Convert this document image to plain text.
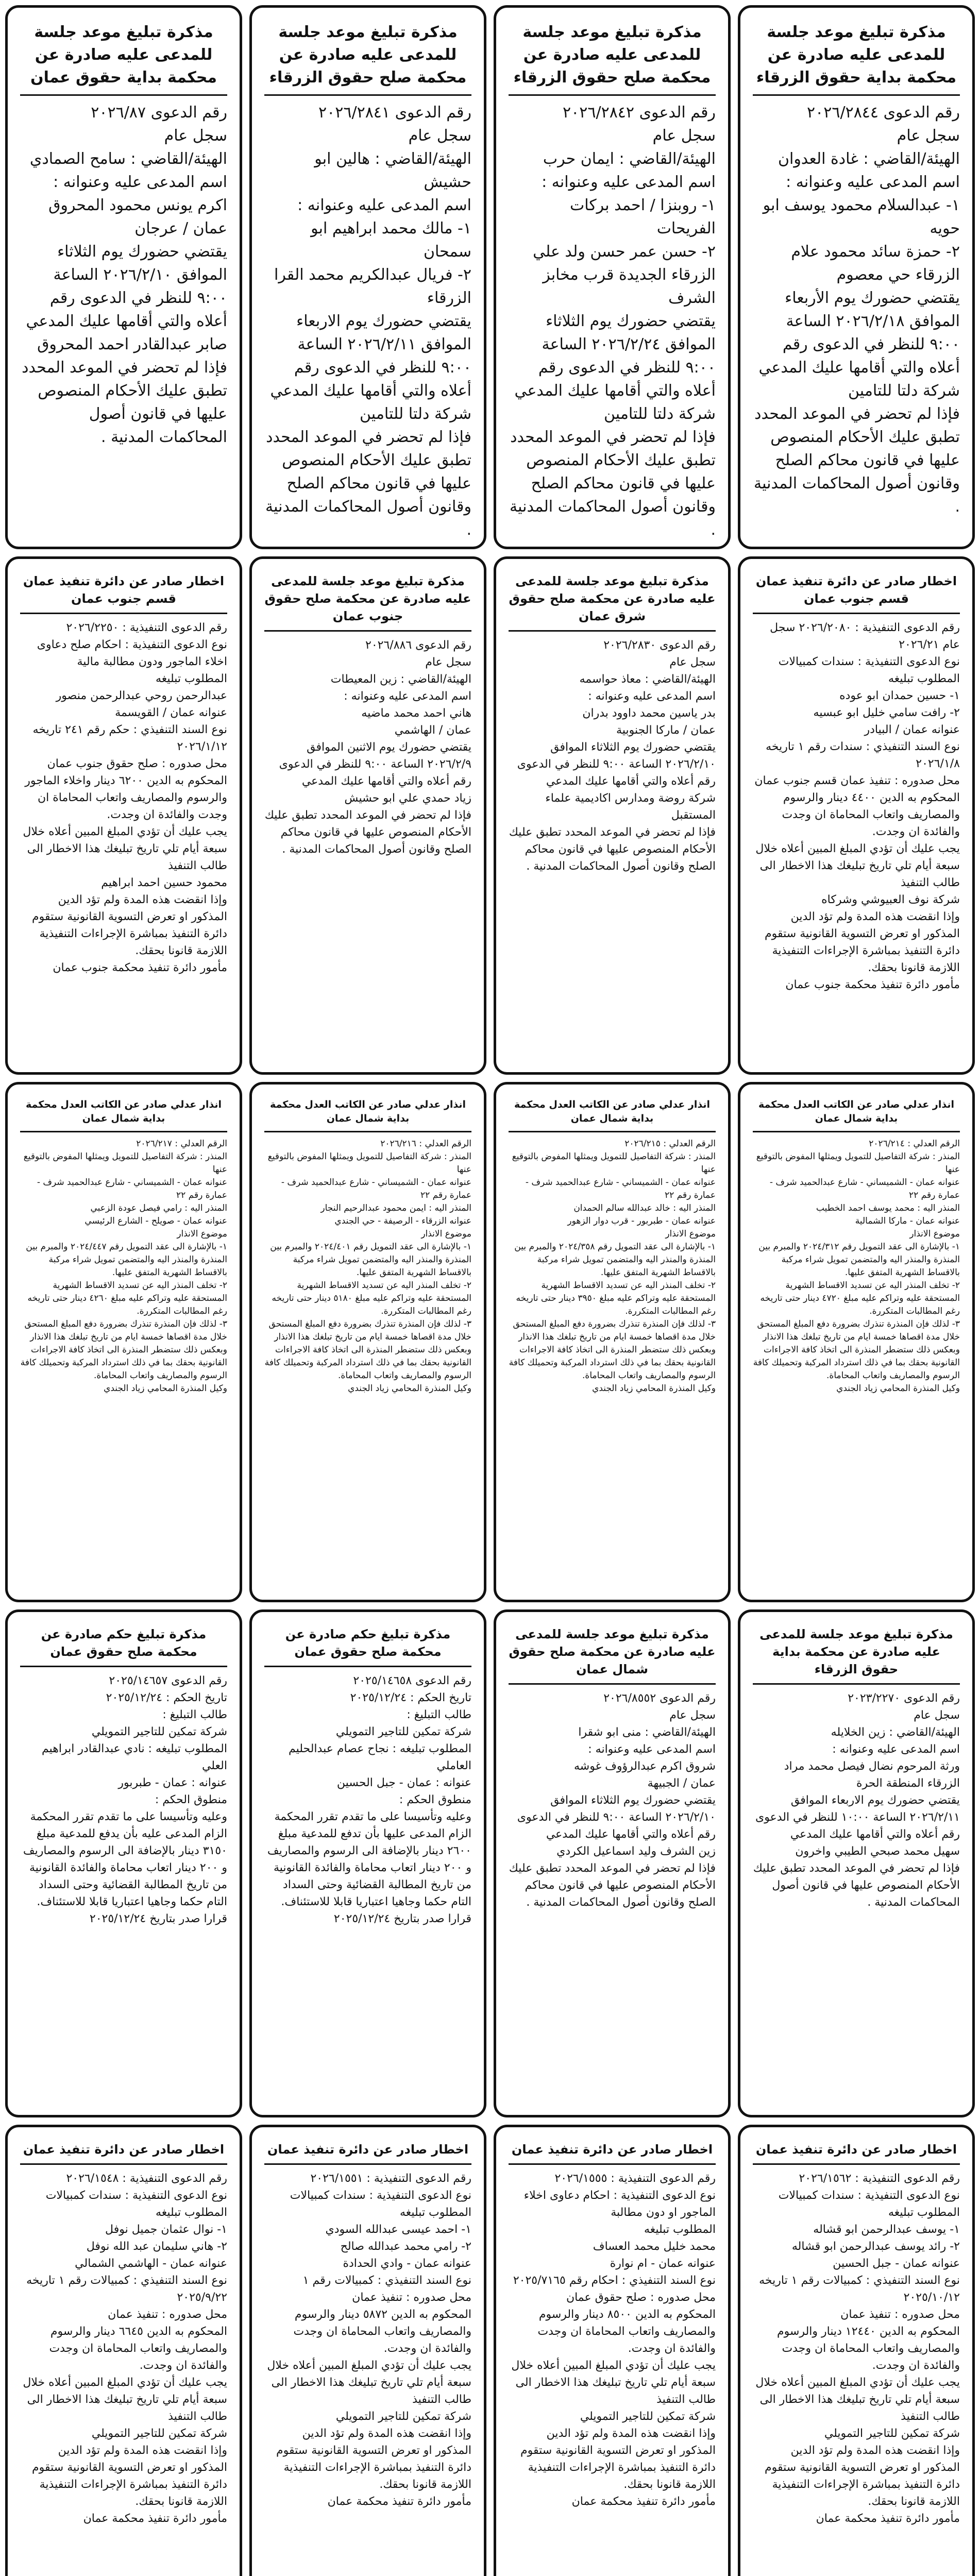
مذكرة تبليغ موعد جلسة للمدعى عليه صادرة عن محكمة بداية حقوق الزرقاء
رقم الدعوى ٢٠٢٦/٢٨٤٤
سجل عام
الهيئة/القاضي : غادة العدوان
اسم المدعى عليه وعنوانه :
١- عبدالسلام محمود يوسف ابو حويه
٢- حمزة سائد محمود علام
الزرقاء حي معصوم
يقتضي حضورك يوم الأربعاء الموافق ٢٠٢٦/٢/١٨ الساعة ٩:٠٠ للنظر في الدعوى رقم أعلاه والتي أقامها عليك المدعي
شركة دلتا للتامين
فإذا لم تحضر في الموعد المحدد تطبق عليك الأحكام المنصوص عليها في قانون محاكم الصلح وقانون أصول المحاكمات المدنية .
مذكرة تبليغ موعد جلسة للمدعى عليه صادرة عن محكمة صلح حقوق الزرقاء
رقم الدعوى ٢٠٢٦/٢٨٤٢
سجل عام
الهيئة/القاضي : ايمان حرب
اسم المدعى عليه وعنوانه :
١- روبنزا / احمد بركات الفريحات
٢- حسن عمر حسن ولد علي
الزرقاء الجديدة قرب مخابز الشرف
يقتضي حضورك يوم الثلاثاء الموافق ٢٠٢٦/٢/٢٤ الساعة ٩:٠٠ للنظر في الدعوى رقم أعلاه والتي أقامها عليك المدعي
شركة دلتا للتامين
فإذا لم تحضر في الموعد المحدد تطبق عليك الأحكام المنصوص عليها في قانون محاكم الصلح وقانون أصول المحاكمات المدنية .
مذكرة تبليغ موعد جلسة للمدعى عليه صادرة عن محكمة صلح حقوق الزرقاء
رقم الدعوى ٢٠٢٦/٢٨٤١
سجل عام
الهيئة/القاضي : هالين ابو حشيش
اسم المدعى عليه وعنوانه :
١- مالك محمد ابراهيم ابو سمحان
٢- فريال عبدالكريم محمد القرا
الزرقاء
يقتضي حضورك يوم الاربعاء الموافق ٢٠٢٦/٢/١١ الساعة ٩:٠٠ للنظر في الدعوى رقم أعلاه والتي أقامها عليك المدعي
شركة دلتا للتامين
فإذا لم تحضر في الموعد المحدد تطبق عليك الأحكام المنصوص عليها في قانون محاكم الصلح وقانون أصول المحاكمات المدنية .
مذكرة تبليغ موعد جلسة للمدعى عليه صادرة عن محكمة بداية حقوق عمان
رقم الدعوى ٢٠٢٦/٨٧
سجل عام
الهيئة/القاضي : سامح الصمادي
اسم المدعى عليه وعنوانه :
اكرم يونس محمود المحروق
عمان / عرجان
يقتضي حضورك يوم الثلاثاء الموافق ٢٠٢٦/٢/١٠ الساعة ٩:٠٠ للنظر في الدعوى رقم أعلاه والتي أقامها عليك المدعي
صابر عبدالقادر احمد المحروق
فإذا لم تحضر في الموعد المحدد تطبق عليك الأحكام المنصوص عليها في قانون أصول المحاكمات المدنية .
اخطار صادر عن دائرة تنفيذ عمان قسم جنوب عمان
رقم الدعوى التنفيذية : ٢٠٢٦/٢٠٨٠ سجل عام ٢٠٢٦/٢١
نوع الدعوى التنفيذية : سندات كمبيالات
المطلوب تبليغه
١- حسين حمدان ابو عوده
٢- رافت سامي خليل ابو عبسيه
عنوانه عمان / البيادر
نوع السند التنفيذي : سندات رقم ١ تاريخه ٢٠٢٦/١/٨
محل صدوره : تنفيذ عمان قسم جنوب عمان
المحكوم به الدين ٤٤٠٠ دينار والرسوم والمصاريف واتعاب المحاماة ان وجدت والفائدة ان وجدت.
يجب عليك أن تؤدي المبلغ المبين أعلاه خلال سبعة أيام تلي تاريخ تبليغك هذا الاخطار الى طالب التنفيذ
شركة نوف العبيوشي وشركاه
وإذا انقضت هذه المدة ولم تؤد الدين المذكور او تعرض التسوية القانونية ستقوم دائرة التنفيذ بمباشرة الإجراءات التنفيذية اللازمة قانونا بحقك.
مأمور دائرة تنفيذ محكمة جنوب عمان
مذكرة تبليغ موعد جلسة للمدعى عليه صادرة عن محكمة صلح حقوق شرق عمان
رقم الدعوى ٢٠٢٦/٢٨٣٠
سجل عام
الهيئة/القاضي : معاذ حواسمه
اسم المدعى عليه وعنوانه :
بدر ياسين محمد داوود بدران
عمان / ماركا الجنوبية
يقتضي حضورك يوم الثلاثاء الموافق ٢٠٢٦/٢/١٠ الساعة ٩:٠٠ للنظر في الدعوى رقم أعلاه والتي أقامها عليك المدعي
شركة روضة ومدارس اكاديمية علماء المستقبل
فإذا لم تحضر في الموعد المحدد تطبق عليك الأحكام المنصوص عليها في قانون محاكم الصلح وقانون أصول المحاكمات المدنية .
مذكرة تبليغ موعد جلسة للمدعى عليه صادرة عن محكمة صلح حقوق جنوب عمان
رقم الدعوى ٢٠٢٦/٨٨٦
سجل عام
الهيئة/القاضي : زين المعيطات
اسم المدعى عليه وعنوانه :
هاني احمد محمد ماضيه
عمان / الهاشمي
يقتضي حضورك يوم الاثنين الموافق ٢٠٢٦/٢/٩ الساعة ٩:٠٠ للنظر في الدعوى رقم أعلاه والتي أقامها عليك المدعي
زياد حمدي علي ابو حشيش
فإذا لم تحضر في الموعد المحدد تطبق عليك الأحكام المنصوص عليها في قانون محاكم الصلح وقانون أصول المحاكمات المدنية .
اخطار صادر عن دائرة تنفيذ عمان قسم جنوب عمان
رقم الدعوى التنفيذية : ٢٠٢٦/٢٢٥٠
نوع الدعوى التنفيذية : احكام صلح دعاوى اخلاء الماجور ودون مطالبة مالية
المطلوب تبليغه
عبدالرحمن روحي عبدالرحمن منصور
عنوانه عمان / القويسمة
نوع السند التنفيذي : حكم رقم ٢٤١ تاريخه ٢٠٢٦/١/١٢
محل صدوره : صلح حقوق جنوب عمان
المحكوم به الدين ٦٢٠٠ دينار واخلاء الماجور والرسوم والمصاريف واتعاب المحاماة ان وجدت والفائدة ان وجدت.
يجب عليك أن تؤدي المبلغ المبين أعلاه خلال سبعة أيام تلي تاريخ تبليغك هذا الاخطار الى طالب التنفيذ
محمود حسين احمد ابراهيم
وإذا انقضت هذه المدة ولم تؤد الدين المذكور او تعرض التسوية القانونية ستقوم دائرة التنفيذ بمباشرة الإجراءات التنفيذية اللازمة قانونا بحقك.
مأمور دائرة تنفيذ محكمة جنوب عمان
انذار عدلي صادر عن الكاتب العدل محكمة بداية شمال عمان
الرقم العدلي : ٢٠٢٦/٢١٤
المنذر : شركة التفاصيل للتمويل ويمثلها المفوض بالتوقيع عنها
عنوانه عمان - الشميساني - شارع عبدالحميد شرف - عمارة رقم ٢٢
المنذر اليه : محمد يوسف احمد الخطيب
عنوانه عمان - ماركا الشمالية
موضوع الانذار
١- بالإشارة الى عقد التمويل رقم ٢٠٢٤/٣١٢ والمبرم بين المنذرة والمنذر اليه والمتضمن تمويل شراء مركبة بالاقساط الشهرية المتفق عليها.
٢- تخلف المنذر اليه عن تسديد الاقساط الشهرية المستحقة عليه وتراكم عليه مبلغ ٤٧٢٠ دينار حتى تاريخه رغم المطالبات المتكررة.
٣- لذلك فإن المنذرة تنذرك بضرورة دفع المبلغ المستحق خلال مدة اقصاها خمسة ايام من تاريخ تبلغك هذا الانذار وبعكس ذلك ستضطر المنذرة الى اتخاذ كافة الاجراءات القانونية بحقك بما في ذلك استرداد المركبة وتحميلك كافة الرسوم والمصاريف واتعاب المحاماة.
وكيل المنذرة المحامي زياد الجندي
انذار عدلي صادر عن الكاتب العدل محكمة بداية شمال عمان
الرقم العدلي : ٢٠٢٦/٢١٥
المنذر : شركة التفاصيل للتمويل ويمثلها المفوض بالتوقيع عنها
عنوانه عمان - الشميساني - شارع عبدالحميد شرف - عمارة رقم ٢٢
المنذر اليه : خالد عبدالله سالم الحمدان
عنوانه عمان - طبربور - قرب دوار الزهور
موضوع الانذار
١- بالإشارة الى عقد التمويل رقم ٢٠٢٤/٣٥٨ والمبرم بين المنذرة والمنذر اليه والمتضمن تمويل شراء مركبة بالاقساط الشهرية المتفق عليها.
٢- تخلف المنذر اليه عن تسديد الاقساط الشهرية المستحقة عليه وتراكم عليه مبلغ ٣٩٥٠ دينار حتى تاريخه رغم المطالبات المتكررة.
٣- لذلك فإن المنذرة تنذرك بضرورة دفع المبلغ المستحق خلال مدة اقصاها خمسة ايام من تاريخ تبلغك هذا الانذار وبعكس ذلك ستضطر المنذرة الى اتخاذ كافة الاجراءات القانونية بحقك بما في ذلك استرداد المركبة وتحميلك كافة الرسوم والمصاريف واتعاب المحاماة.
وكيل المنذرة المحامي زياد الجندي
انذار عدلي صادر عن الكاتب العدل محكمة بداية شمال عمان
الرقم العدلي : ٢٠٢٦/٢١٦
المنذر : شركة التفاصيل للتمويل ويمثلها المفوض بالتوقيع عنها
عنوانه عمان - الشميساني - شارع عبدالحميد شرف - عمارة رقم ٢٢
المنذر اليه : ايمن محمود عبدالرحيم النجار
عنوانه الزرقاء - الرصيفة - حي الجندي
موضوع الانذار
١- بالإشارة الى عقد التمويل رقم ٢٠٢٤/٤٠١ والمبرم بين المنذرة والمنذر اليه والمتضمن تمويل شراء مركبة بالاقساط الشهرية المتفق عليها.
٢- تخلف المنذر اليه عن تسديد الاقساط الشهرية المستحقة عليه وتراكم عليه مبلغ ٥١٨٠ دينار حتى تاريخه رغم المطالبات المتكررة.
٣- لذلك فإن المنذرة تنذرك بضرورة دفع المبلغ المستحق خلال مدة اقصاها خمسة ايام من تاريخ تبلغك هذا الانذار وبعكس ذلك ستضطر المنذرة الى اتخاذ كافة الاجراءات القانونية بحقك بما في ذلك استرداد المركبة وتحميلك كافة الرسوم والمصاريف واتعاب المحاماة.
وكيل المنذرة المحامي زياد الجندي
انذار عدلي صادر عن الكاتب العدل محكمة بداية شمال عمان
الرقم العدلي : ٢٠٢٦/٢١٧
المنذر : شركة التفاصيل للتمويل ويمثلها المفوض بالتوقيع عنها
عنوانه عمان - الشميساني - شارع عبدالحميد شرف - عمارة رقم ٢٢
المنذر اليه : رامي فيصل عودة الزعبي
عنوانه عمان - صويلح - الشارع الرئيسي
موضوع الانذار
١- بالإشارة الى عقد التمويل رقم ٢٠٢٤/٤٤٧ والمبرم بين المنذرة والمنذر اليه والمتضمن تمويل شراء مركبة بالاقساط الشهرية المتفق عليها.
٢- تخلف المنذر اليه عن تسديد الاقساط الشهرية المستحقة عليه وتراكم عليه مبلغ ٤٢٦٠ دينار حتى تاريخه رغم المطالبات المتكررة.
٣- لذلك فإن المنذرة تنذرك بضرورة دفع المبلغ المستحق خلال مدة اقصاها خمسة ايام من تاريخ تبلغك هذا الانذار وبعكس ذلك ستضطر المنذرة الى اتخاذ كافة الاجراءات القانونية بحقك بما في ذلك استرداد المركبة وتحميلك كافة الرسوم والمصاريف واتعاب المحاماة.
وكيل المنذرة المحامي زياد الجندي
مذكرة تبليغ موعد جلسة للمدعى عليه صادرة عن محكمة بداية حقوق الزرقاء
رقم الدعوى ٢٠٢٣/٢٢٧٠
سجل عام
الهيئة/القاضي : زين الخلايله
اسم المدعى عليه وعنوانه :
ورثة المرحوم نضال فيصل محمد مراد
الزرقاء المنطقة الحرة
يقتضي حضورك يوم الاربعاء الموافق ٢٠٢٦/٢/١١ الساعة ١٠:٠٠ للنظر في الدعوى رقم أعلاه والتي أقامها عليك المدعي
سهيل محمد صبحي الطيبي واخرون
فإذا لم تحضر في الموعد المحدد تطبق عليك الأحكام المنصوص عليها في قانون أصول المحاكمات المدنية .
مذكرة تبليغ موعد جلسة للمدعى عليه صادرة عن محكمة صلح حقوق شمال عمان
رقم الدعوى ٢٠٢٦/٨٥٥٢
سجل عام
الهيئة/القاضي : منى ابو شقرا
اسم المدعى عليه وعنوانه :
شروق اكرم عبدالرؤوف غوشه
عمان / الجبيهة
يقتضي حضورك يوم الثلاثاء الموافق ٢٠٢٦/٢/١٠ الساعة ٩:٠٠ للنظر في الدعوى رقم أعلاه والتي أقامها عليك المدعي
زين الشرف وليد اسماعيل الكردي
فإذا لم تحضر في الموعد المحدد تطبق عليك الأحكام المنصوص عليها في قانون محاكم الصلح وقانون أصول المحاكمات المدنية .
مذكرة تبليغ حكم صادرة عن محكمة صلح حقوق عمان
رقم الدعوى ٢٠٢٥/١٤٦٥٨
تاريخ الحكم : ٢٠٢٥/١٢/٢٤
طالب التبليغ :
شركة تمكين للتاجير التمويلي
المطلوب تبليغه : نجاح عصام عبدالحليم العاملي
عنوانه : عمان - جبل الحسين
منطوق الحكم :
وعليه وتأسيسا على ما تقدم تقرر المحكمة الزام المدعى عليها بأن تدفع للمدعية مبلغ ٢٦٠٠ دينار بالإضافة الى الرسوم والمصاريف و ٢٠٠ دينار اتعاب محاماة والفائدة القانونية من تاريخ المطالبة القضائية وحتى السداد التام حكما وجاهيا اعتباريا قابلا للاستئناف.
قرارا صدر بتاريخ ٢٠٢٥/١٢/٢٤
مذكرة تبليغ حكم صادرة عن محكمة صلح حقوق عمان
رقم الدعوى ٢٠٢٥/١٤٦٥٧
تاريخ الحكم : ٢٠٢٥/١٢/٢٤
طالب التبليغ :
شركة تمكين للتاجير التمويلي
المطلوب تبليغه : نادي عبدالقادر ابراهيم العلي
عنوانه : عمان - طبربور
منطوق الحكم :
وعليه وتأسيسا على ما تقدم تقرر المحكمة الزام المدعى عليه بأن يدفع للمدعية مبلغ ٣١٥٠ دينار بالإضافة الى الرسوم والمصاريف و ٢٠٠ دينار اتعاب محاماة والفائدة القانونية من تاريخ المطالبة القضائية وحتى السداد التام حكما وجاهيا اعتباريا قابلا للاستئناف.
قرارا صدر بتاريخ ٢٠٢٥/١٢/٢٤
اخطار صادر عن دائرة تنفيذ عمان
رقم الدعوى التنفيذية : ٢٠٢٦/١٥٦٢
نوع الدعوى التنفيذية : سندات كمبيالات
المطلوب تبليغه
١- يوسف عبدالرحمن ابو قشاله
٢- رائد يوسف عبدالرحمن ابو قشاله
عنوانه عمان - جبل الحسين
نوع السند التنفيذي : كمبيالات رقم ١ تاريخه ٢٠٢٥/١٠/١٢
محل صدوره : تنفيذ عمان
المحكوم به الدين ١٢٤٤٠ دينار والرسوم والمصاريف واتعاب المحاماة ان وجدت والفائدة ان وجدت.
يجب عليك أن تؤدي المبلغ المبين أعلاه خلال سبعة أيام تلي تاريخ تبليغك هذا الاخطار الى طالب التنفيذ
شركة تمكين للتاجير التمويلي
وإذا انقضت هذه المدة ولم تؤد الدين المذكور او تعرض التسوية القانونية ستقوم دائرة التنفيذ بمباشرة الإجراءات التنفيذية اللازمة قانونا بحقك.
مأمور دائرة تنفيذ محكمة عمان
اخطار صادر عن دائرة تنفيذ عمان
رقم الدعوى التنفيذية : ٢٠٢٦/١٥٥٥
نوع الدعوى التنفيذية : احكام دعاوى اخلاء الماجور او دون مطالبة
المطلوب تبليغه
محمد خليل محمد العساف
عنوانه عمان - ام نوارة
نوع السند التنفيذي : احكام رقم ٢٠٢٥/٧١٦٥
محل صدوره : صلح حقوق عمان
المحكوم به الدين ٨٥٠٠ دينار والرسوم والمصاريف واتعاب المحاماة ان وجدت والفائدة ان وجدت.
يجب عليك أن تؤدي المبلغ المبين أعلاه خلال سبعة أيام تلي تاريخ تبليغك هذا الاخطار الى طالب التنفيذ
شركة تمكين للتاجير التمويلي
وإذا انقضت هذه المدة ولم تؤد الدين المذكور او تعرض التسوية القانونية ستقوم دائرة التنفيذ بمباشرة الإجراءات التنفيذية اللازمة قانونا بحقك.
مأمور دائرة تنفيذ محكمة عمان
اخطار صادر عن دائرة تنفيذ عمان
رقم الدعوى التنفيذية : ٢٠٢٦/١٥٥١
نوع الدعوى التنفيذية : سندات كمبيالات
المطلوب تبليغه
١- احمد عيسى عبدالله السودي
٢- رامي محمد عبدالله صالح
عنوانه عمان - وادي الحدادة
نوع السند التنفيذي : كمبيالات رقم ١
محل صدوره : تنفيذ عمان
المحكوم به الدين ٥٨٧٢ دينار والرسوم والمصاريف واتعاب المحاماة ان وجدت والفائدة ان وجدت.
يجب عليك أن تؤدي المبلغ المبين أعلاه خلال سبعة أيام تلي تاريخ تبليغك هذا الاخطار الى طالب التنفيذ
شركة تمكين للتاجير التمويلي
وإذا انقضت هذه المدة ولم تؤد الدين المذكور او تعرض التسوية القانونية ستقوم دائرة التنفيذ بمباشرة الإجراءات التنفيذية اللازمة قانونا بحقك.
مأمور دائرة تنفيذ محكمة عمان
اخطار صادر عن دائرة تنفيذ عمان
رقم الدعوى التنفيذية : ٢٠٢٦/١٥٤٨
نوع الدعوى التنفيذية : سندات كمبيالات
المطلوب تبليغه
١- نوال عثمان جميل نوفل
٢- هاني سليمان عبد الله نوفل
عنوانه عمان - الهاشمي الشمالي
نوع السند التنفيذي : كمبيالات رقم ١ تاريخه ٢٠٢٥/٩/٢٢
محل صدوره : تنفيذ عمان
المحكوم به الدين ٦٦٤٥ دينار والرسوم والمصاريف واتعاب المحاماة ان وجدت والفائدة ان وجدت.
يجب عليك أن تؤدي المبلغ المبين أعلاه خلال سبعة أيام تلي تاريخ تبليغك هذا الاخطار الى طالب التنفيذ
شركة تمكين للتاجير التمويلي
وإذا انقضت هذه المدة ولم تؤد الدين المذكور او تعرض التسوية القانونية ستقوم دائرة التنفيذ بمباشرة الإجراءات التنفيذية اللازمة قانونا بحقك.
مأمور دائرة تنفيذ محكمة عمان
